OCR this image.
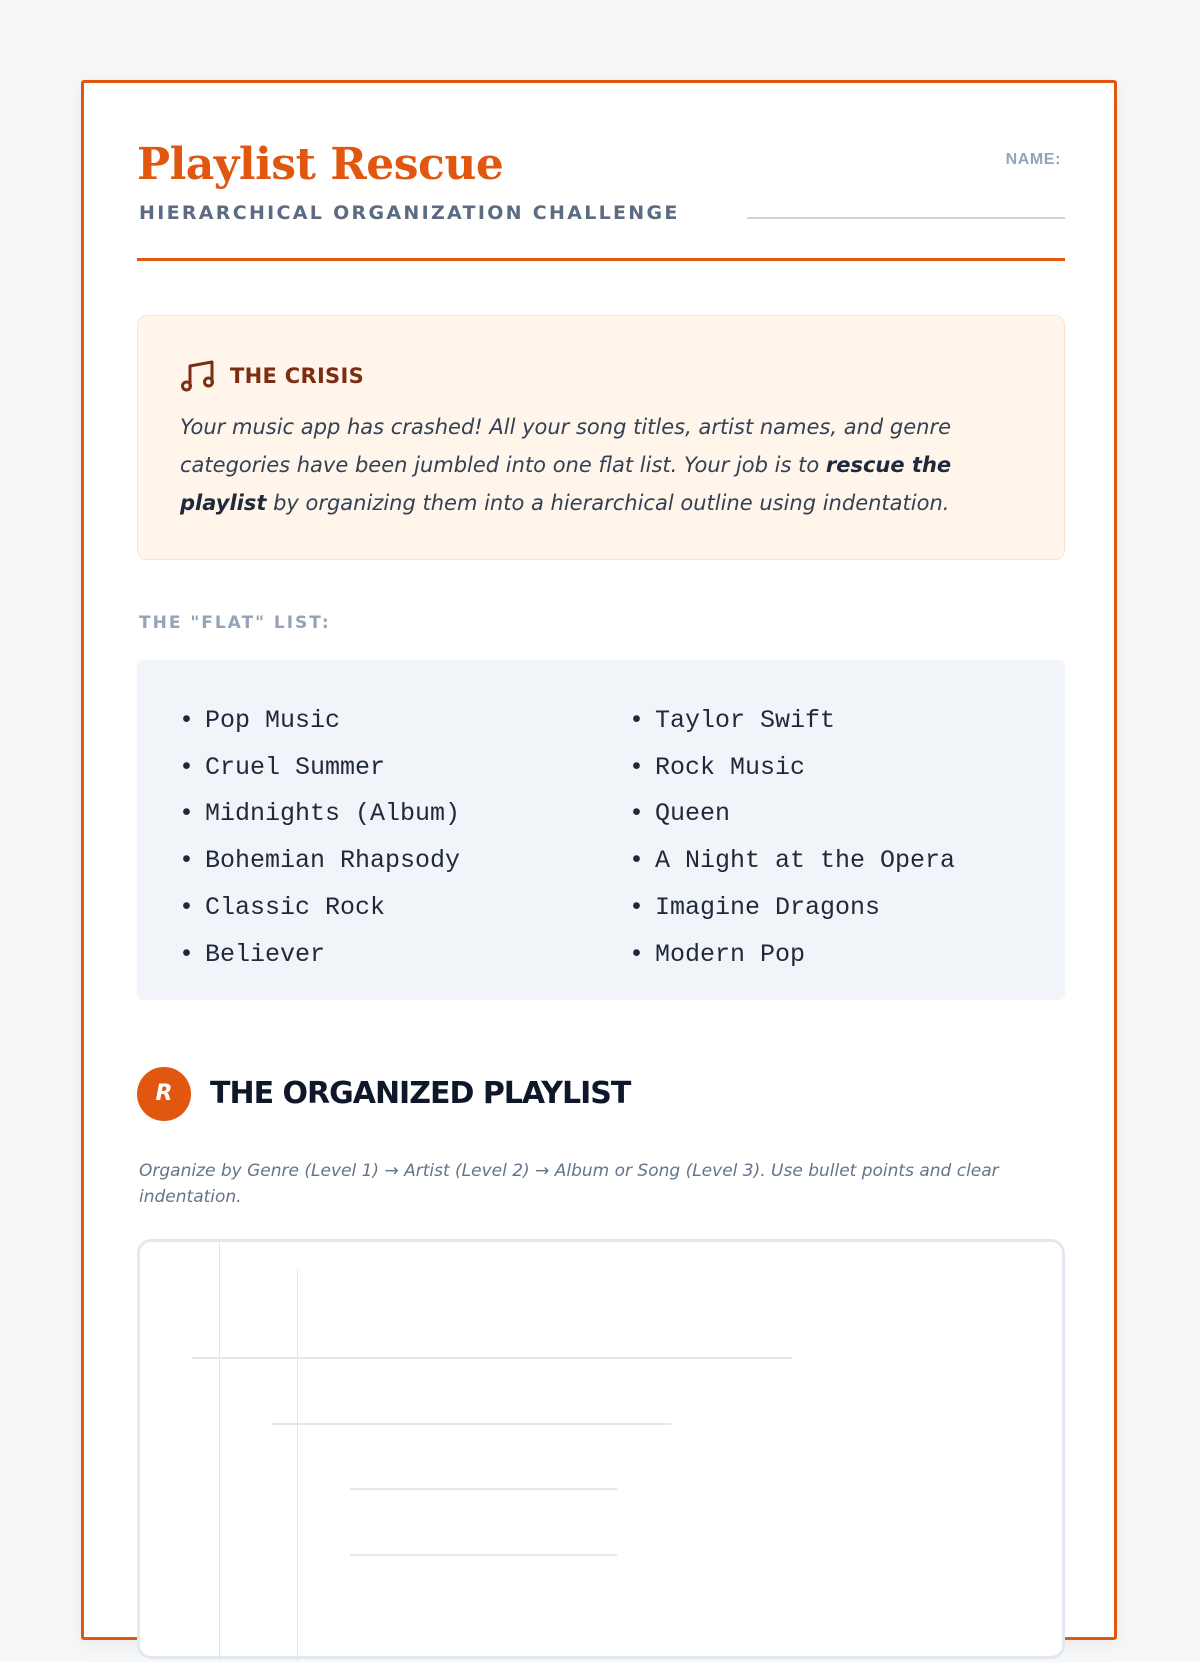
Playlist Rescue
HIERARCHICAL ORGANIZATION CHALLENGE
NAME:
THE CRISIS

Your music app has crashed! All your song titles, artist names, and genre categories have been jumbled into one flat list. Your job is to rescue the playlist by organizing them into a hierarchical outline using indentation.

THE "FLAT" LIST:
• Pop Music
• Cruel Summer
• Midnights (Album)
• Bohemian Rhapsody
• Classic Rock
• Believer
• Taylor Swift
• Rock Music
• Queen
• A Night at the Opera
• Imagine Dragons
• Modern Pop
R	THE ORGANIZED PLAYLIST

Organize by Genre (Level 1) → Artist (Level 2) → Album or Song (Level 3). Use bullet points and clear indentation.
